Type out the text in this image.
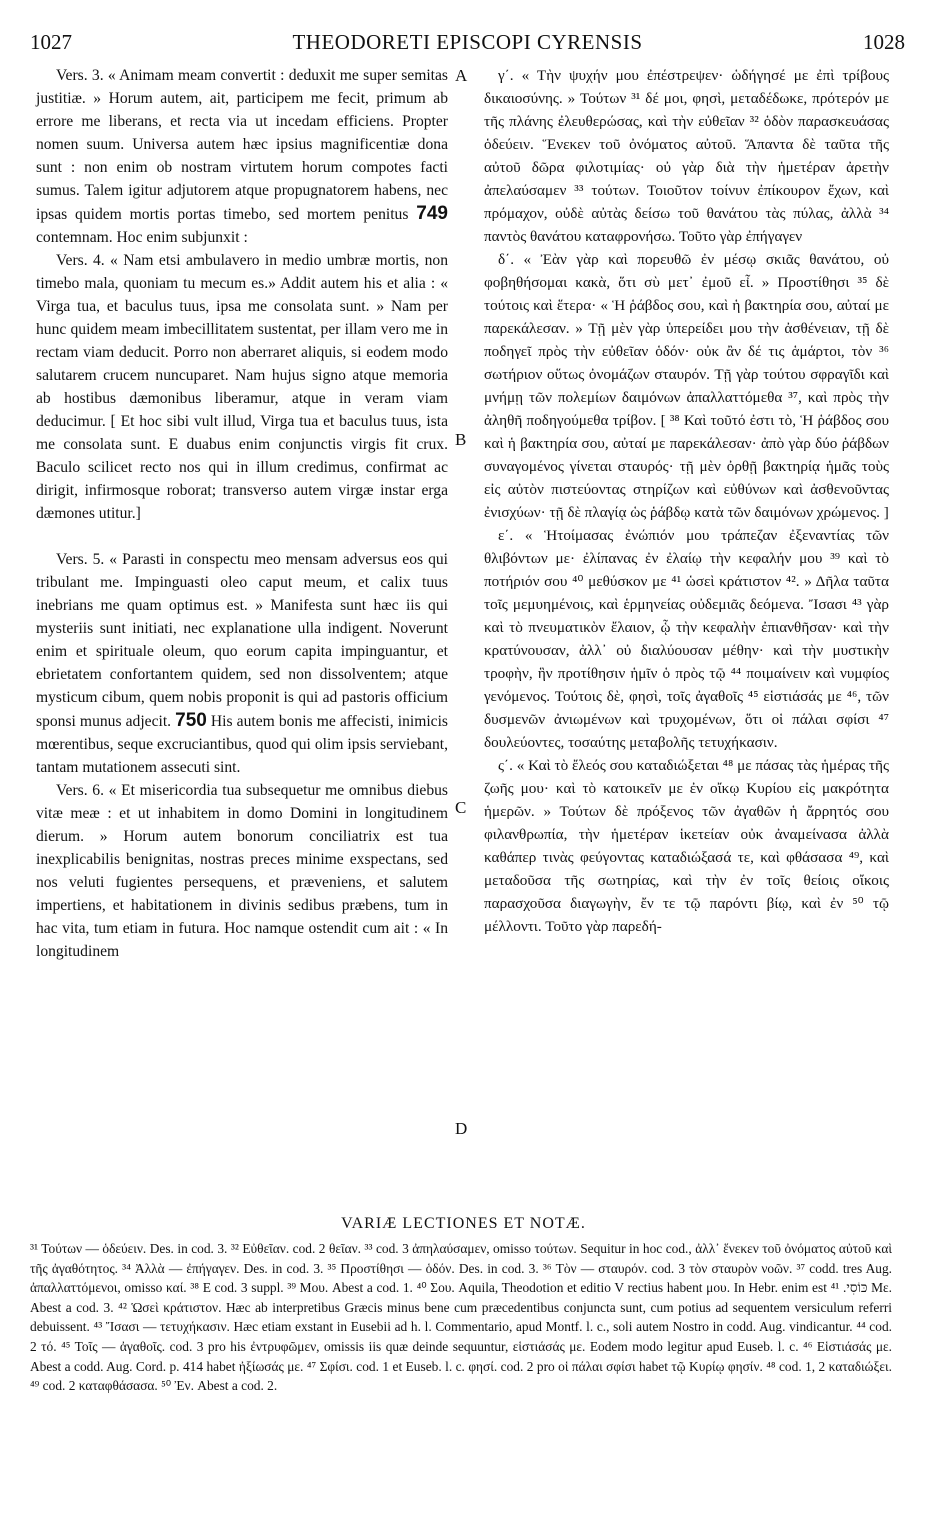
1027	THEODORETI EPISCOPI CYRENSIS	1028
A
B
C
D

Vers. 3. « Animam meam convertit : deduxit me super semitas justitiæ. » Horum autem, ait, participem me fecit, primum ab errore me liberans, et recta via ut incedam efficiens. Propter nomen suum. Universa autem hæc ipsius magnificentiæ dona sunt : non enim ob nostram virtutem horum compotes facti sumus. Talem igitur adjutorem atque propugnatorem habens, nec ipsas quidem mortis portas timebo, sed mortem penitus 749 contemnam. Hoc enim subjunxit :

Vers. 4. « Nam etsi ambulavero in medio umbræ mortis, non timebo mala, quoniam tu mecum es.» Addit autem his et alia : « Virga tua, et baculus tuus, ipsa me consolata sunt. » Nam per hunc quidem meam imbecillitatem sustentat, per illam vero me in rectam viam deducit. Porro non aberraret aliquis, si eodem modo salutarem crucem nuncuparet. Nam hujus signo atque memoria ab hostibus dæmonibus liberamur, atque in veram viam deducimur. [ Et hoc sibi vult illud, Virga tua et baculus tuus, ista me consolata sunt. E duabus enim conjunctis virgis fit crux. Baculo scilicet recto nos qui in illum credimus, confirmat ac dirigit, infirmosque roborat; transverso autem virgæ instar erga dæmones utitur.]

Vers. 5. « Parasti in conspectu meo mensam adversus eos qui tribulant me. Impinguasti oleo caput meum, et calix tuus inebrians me quam optimus est. » Manifesta sunt hæc iis qui mysteriis sunt initiati, nec explanatione ulla indigent. Noverunt enim et spirituale oleum, quo eorum capita impinguantur, et ebrietatem confortantem quidem, sed non dissolventem; atque mysticum cibum, quem nobis proponit is qui ad pastoris officium sponsi munus adjecit. 750 His autem bonis me affecisti, inimicis mœrentibus, seque excruciantibus, quod qui olim ipsis serviebant, tantam mutationem assecuti sint.

Vers. 6. « Et misericordia tua subsequetur me omnibus diebus vitæ meæ : et ut inhabitem in domo Domini in longitudinem dierum. » Horum autem bonorum conciliatrix est tua inexplicabilis benignitas, nostras preces minime exspectans, sed nos veluti fugientes persequens, et præveniens, et salutem impertiens, et habitationem in divinis sedibus præbens, tum in hac vita, tum etiam in futura. Hoc namque ostendit cum ait : « In longitudinem

γ΄. « Τὴν ψυχήν μου ἐπέστρεψεν· ὡδήγησέ με ἐπὶ τρίβους δικαιοσύνης. » Τούτων ³¹ δέ μοι, φησὶ, μεταδέδωκε, πρότερόν με τῆς πλάνης ἐλευθερώσας, καὶ τὴν εὐθεῖαν ³² ὁδὸν παρασκευάσας ὁδεύειν. Ἕνεκεν τοῦ ὀνόματος αὐτοῦ. Ἅπαντα δὲ ταῦτα τῆς αὐτοῦ δῶρα φιλοτιμίας· οὐ γὰρ διὰ τὴν ἡμετέραν ἀρετὴν ἀπελαύσαμεν ³³ τούτων. Τοιοῦτον τοίνυν ἐπίκουρον ἔχων, καὶ πρόμαχον, οὐδὲ αὐτὰς δείσω τοῦ θανάτου τὰς πύλας, ἀλλὰ ³⁴ παντὸς θανάτου καταφρονήσω. Τοῦτο γὰρ ἐπήγαγεν

δ΄. « Ἐὰν γὰρ καὶ πορευθῶ ἐν μέσῳ σκιᾶς θανάτου, οὐ φοβηθήσομαι κακὰ, ὅτι σὺ μετ᾽ ἐμοῦ εἶ. » Προστίθησι ³⁵ δὲ τούτοις καὶ ἕτερα· « Ἡ ῥάβδος σου, καὶ ἡ βακτηρία σου, αὐταί με παρεκάλεσαν. » Τῇ μὲν γὰρ ὑπερείδει μου τὴν ἀσθένειαν, τῇ δὲ ποδηγεῖ πρὸς τὴν εὐθεῖαν ὁδόν· οὐκ ἂν δέ τις ἁμάρτοι, τὸν ³⁶ σωτήριον οὕτως ὀνομάζων σταυρόν. Τῇ γὰρ τούτου σφραγῖδι καὶ μνήμῃ τῶν πολεμίων δαιμόνων ἀπαλλαττόμεθα ³⁷, καὶ πρὸς τὴν ἀληθῆ ποδηγούμεθα τρίβον. [ ³⁸ Καὶ τοῦτό ἐστι τὸ, Ἡ ῥάβδος σου καὶ ἡ βακτηρία σου, αὐταί με παρεκάλεσαν· ἀπὸ γὰρ δύο ῥάβδων συναγομένος γίνεται σταυρός· τῇ μὲν ὀρθῇ βακτηρίᾳ ἡμᾶς τοὺς εἰς αὐτὸν πιστεύοντας στηρίζων καὶ εὐθύνων καὶ ἀσθενοῦντας ἐνισχύων· τῇ δὲ πλαγίᾳ ὡς ῥάβδῳ κατὰ τῶν δαιμόνων χρώμενος. ]

ε΄. « Ἡτοίμασας ἐνώπιόν μου τράπεζαν ἐξεναντίας τῶν θλιβόντων με· ἐλίπανας ἐν ἐλαίῳ τὴν κεφαλήν μου ³⁹ καὶ τὸ ποτήριόν σου ⁴⁰ μεθύσκον με ⁴¹ ὡσεὶ κράτιστον ⁴². » Δῆλα ταῦτα τοῖς μεμυημένοις, καὶ ἑρμηνείας οὐδεμιᾶς δεόμενα. Ἴσασι ⁴³ γὰρ καὶ τὸ πνευματικὸν ἔλαιον, ᾧ τὴν κεφαλὴν ἐπιανθῆσαν· καὶ τὴν κρατύνουσαν, ἀλλ᾽ οὐ διαλύουσαν μέθην· καὶ τὴν μυστικὴν τροφὴν, ἣν προτίθησιν ἡμῖν ὁ πρὸς τῷ ⁴⁴ ποιμαίνειν καὶ νυμφίος γενόμενος. Τούτοις δὲ, φησὶ, τοῖς ἀγαθοῖς ⁴⁵ εἱστιάσάς με ⁴⁶, τῶν δυσμενῶν ἀνιωμένων καὶ τρυχομένων, ὅτι οἱ πάλαι σφίσι ⁴⁷ δουλεύοντες, τοσαύτης μεταβολῆς τετυχήκασιν.

ς΄. « Καὶ τὸ ἔλεός σου καταδιώξεται ⁴⁸ με πάσας τὰς ἡμέρας τῆς ζωῆς μου· καὶ τὸ κατοικεῖν με ἐν οἴκῳ Κυρίου εἰς μακρότητα ἡμερῶν. » Τούτων δὲ πρόξενος τῶν ἀγαθῶν ἡ ἄρρητός σου φιλανθρωπία, τὴν ἡμετέραν ἱκετείαν οὐκ ἀναμείνασα ἀλλὰ καθάπερ τινὰς φεύγοντας καταδιώξασά τε, καὶ φθάσασα ⁴⁹, καὶ μεταδοῦσα τῆς σωτηρίας, καὶ τὴν ἐν τοῖς θείοις οἴκοις παρασχοῦσα διαγωγὴν, ἔν τε τῷ παρόντι βίῳ, καὶ ἐν ⁵⁰ τῷ μέλλοντι. Τοῦτο γὰρ παρεδή-

VARIÆ LECTIONES ET NOTÆ.

³¹ Τούτων — ὁδεύειν. Des. in cod. 3. ³² Εὐθεῖαν. cod. 2 θεῖαν. ³³ cod. 3 ἀπηλαύσαμεν, omisso τούτων. Sequitur in hoc cod., ἀλλ᾽ ἕνεκεν τοῦ ὀνόματος αὐτοῦ καὶ τῆς ἀγαθότητος. ³⁴ Ἀλλὰ — ἐπήγαγεν. Des. in cod. 3. ³⁵ Προστίθησι — ὁδόν. Des. in cod. 3. ³⁶ Τὸν — σταυρόν. cod. 3 τὸν σταυρὸν νοῶν. ³⁷ codd. tres Aug. ἀπαλλαττόμενοι, omisso καί. ³⁸ E cod. 3 suppl. ³⁹ Μου. Abest a cod. 1. ⁴⁰ Σου. Aquila, Theodotion et editio V rectius habent μου. In Hebr. enim est כּוֹסִי. ⁴¹ Με. Abest a cod. 3. ⁴² Ὡσεὶ κράτιστον. Hæc ab interpretibus Græcis minus bene cum præcedentibus conjuncta sunt, cum potius ad sequentem versiculum referri debuissent. ⁴³ Ἴσασι — τετυχήκασιν. Hæc etiam exstant in Eusebii ad h. l. Commentario, apud Montf. l. c., soli autem Nostro in codd. Aug. vindicantur. ⁴⁴ cod. 2 τό. ⁴⁵ Τοῖς — ἀγαθοῖς. cod. 3 pro his ἐντρυφῶμεν, omissis iis quæ deinde sequuntur, εἱστιάσάς με. Eodem modo legitur apud Euseb. l. c. ⁴⁶ Εἱστιάσάς με. Abest a codd. Aug. Cord. p. 414 habet ἠξίωσάς με. ⁴⁷ Σφίσι. cod. 1 et Euseb. l. c. φησί. cod. 2 pro οἱ πάλαι σφίσι habet τῷ Κυρίῳ φησίν. ⁴⁸ cod. 1, 2 καταδιώξει. ⁴⁹ cod. 2 καταφθάσασα. ⁵⁰ Ἐν. Abest a cod. 2.
